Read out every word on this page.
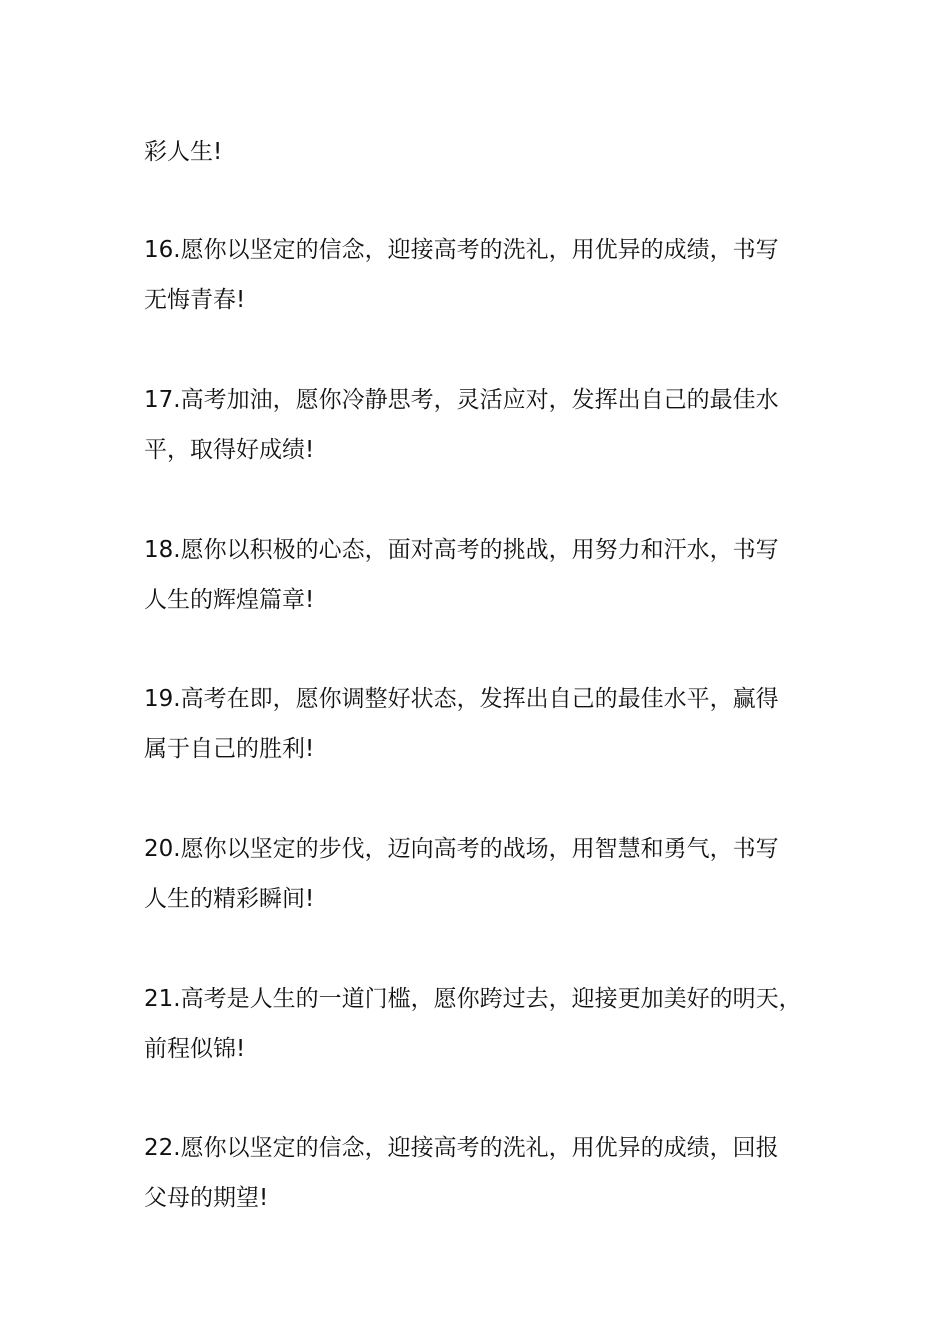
彩人生!

16.愿你以坚定的信念，迎接高考的洗礼，用优异的成绩，书写
无悔青春!

17.高考加油，愿你冷静思考，灵活应对，发挥出自己的最佳水
平，取得好成绩!

18.愿你以积极的心态，面对高考的挑战，用努力和汗水，书写
人生的辉煌篇章!

19.高考在即，愿你调整好状态，发挥出自己的最佳水平，赢得
属于自己的胜利!

20.愿你以坚定的步伐，迈向高考的战场，用智慧和勇气，书写
人生的精彩瞬间!

21.高考是人生的一道门槛，愿你跨过去，迎接更加美好的明天，
前程似锦!

22.愿你以坚定的信念，迎接高考的洗礼，用优异的成绩，回报
父母的期望!
